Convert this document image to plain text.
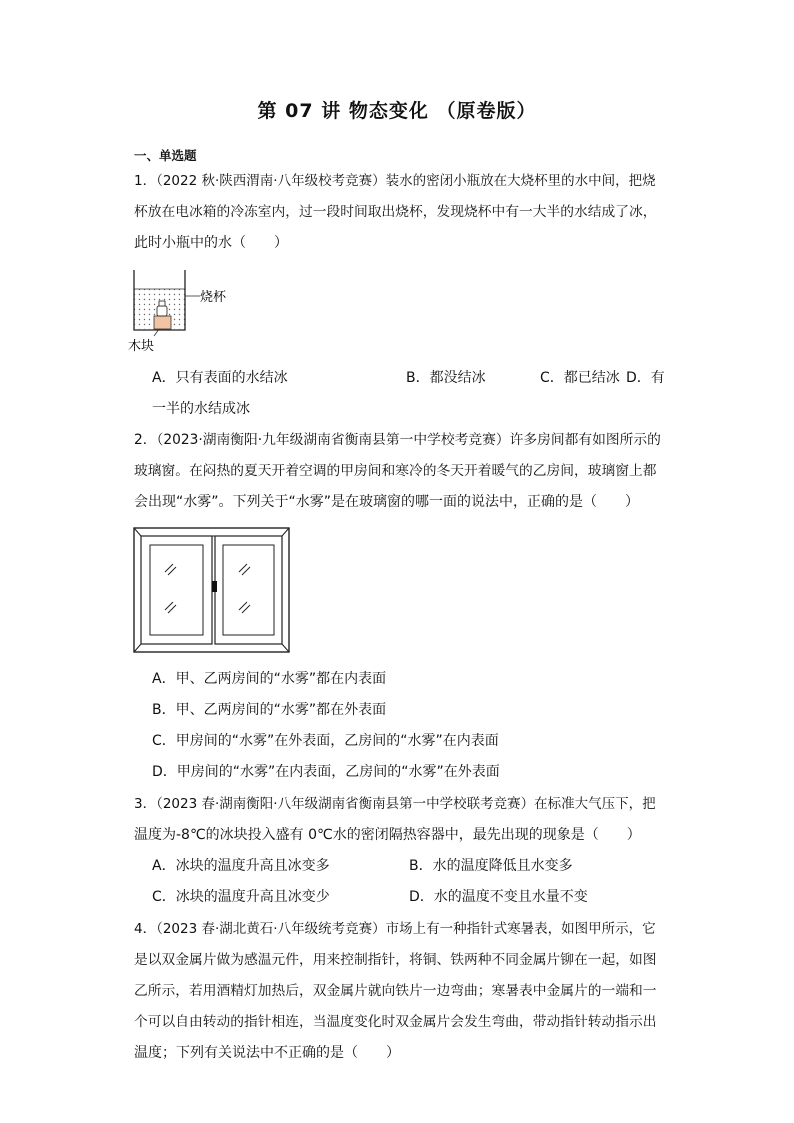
第 07 讲 物态变化 （原卷版）
一、单选题
1．（2022 秋·陕西渭南·八年级校考竞赛）装水的密闭小瓶放在大烧杯里的水中间，把烧
杯放在电冰箱的冷冻室内，过一段时间取出烧杯，发现烧杯中有一大半的水结成了冰，
此时小瓶中的水（　　）
烧杯
木块
A．只有表面的水结冰	B．都没结冰	C．都已结冰 D．有
一半的水结成冰
2．（2023·湖南衡阳·九年级湖南省衡南县第一中学校考竞赛）许多房间都有如图所示的
玻璃窗。在闷热的夏天开着空调的甲房间和寒冷的冬天开着暖气的乙房间，玻璃窗上都
会出现“水雾”。下列关于“水雾”是在玻璃窗的哪一面的说法中，正确的是（　　）
A．甲、乙两房间的“水雾”都在内表面
B．甲、乙两房间的“水雾”都在外表面
C．甲房间的“水雾”在外表面，乙房间的“水雾”在内表面
D．甲房间的“水雾”在内表面，乙房间的“水雾”在外表面
3．（2023 春·湖南衡阳·八年级湖南省衡南县第一中学校联考竞赛）在标准大气压下，把
温度为-8℃的冰块投入盛有 0℃水的密闭隔热容器中，最先出现的现象是（　　）
A．冰块的温度升高且冰变多	B．水的温度降低且水变多
C．冰块的温度升高且冰变少	D．水的温度不变且水量不变
4．（2023 春·湖北黄石·八年级统考竞赛）市场上有一种指针式寒暑表，如图甲所示，它
是以双金属片做为感温元件，用来控制指针，将铜、铁两种不同金属片铆在一起，如图
乙所示，若用酒精灯加热后，双金属片就向铁片一边弯曲；寒暑表中金属片的一端和一
个可以自由转动的指针相连，当温度变化时双金属片会发生弯曲，带动指针转动指示出
温度；下列有关说法中不正确的是（　　）
